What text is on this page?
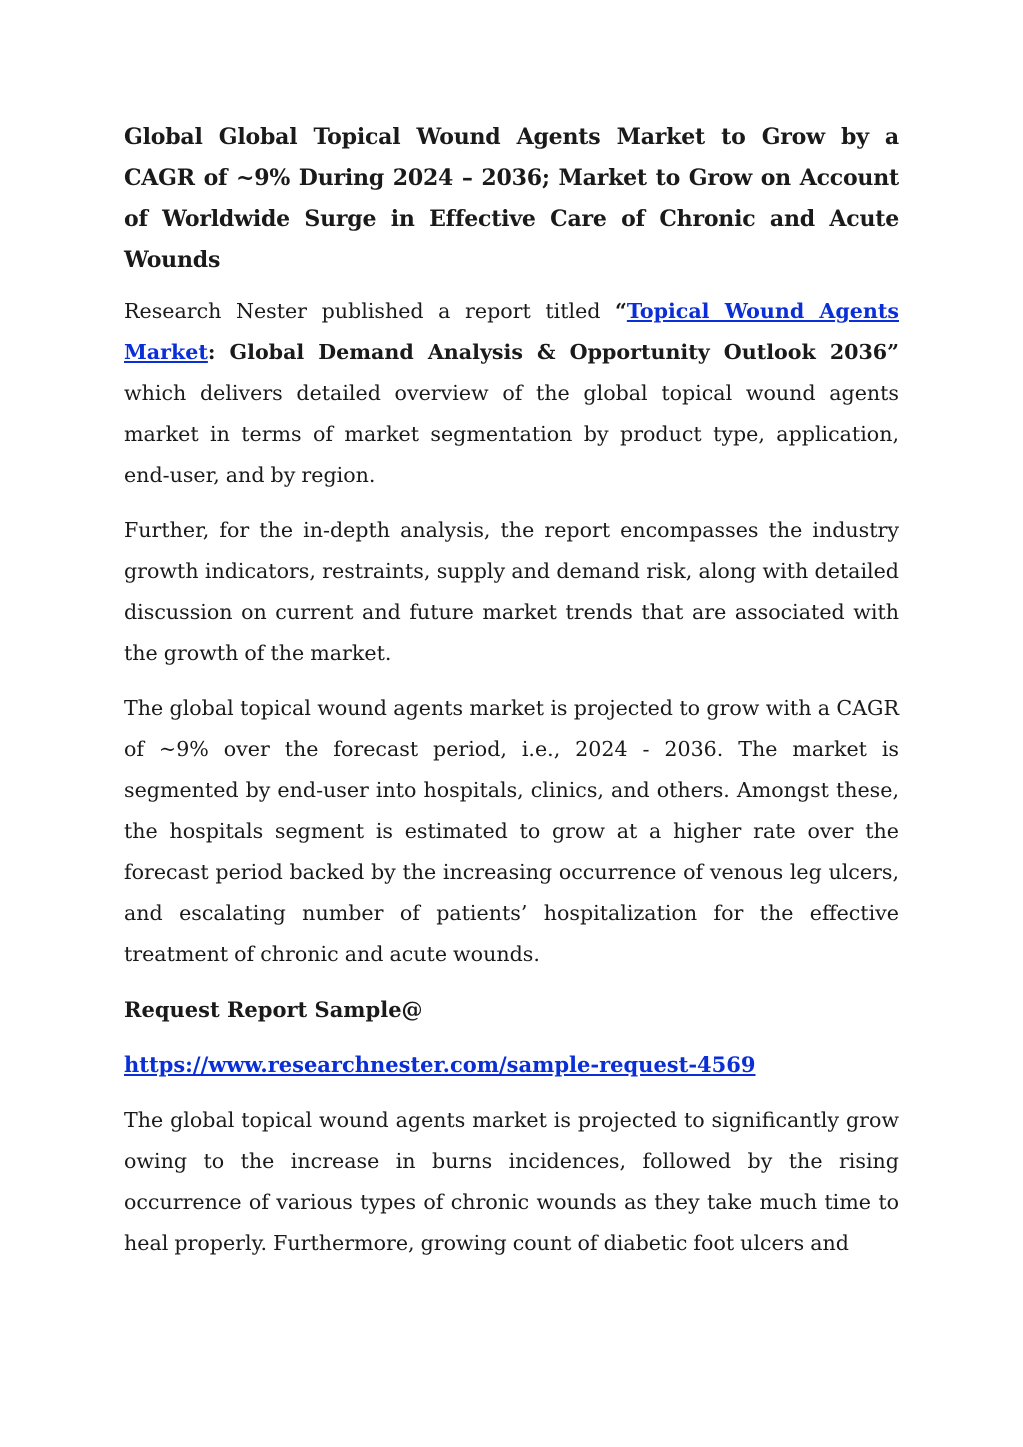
Global Global Topical Wound Agents Market to Grow by a CAGR of ~9% During 2024 – 2036; Market to Grow on Account of Worldwide Surge in Effective Care of Chronic and Acute Wounds

Research Nester published a report titled “Topical Wound Agents Market: Global Demand Analysis & Opportunity Outlook 2036” which delivers detailed overview of the global topical wound agents market in terms of market segmentation by product type, application, end-user, and by region.

Further, for the in-depth analysis, the report encompasses the industry growth indicators, restraints, supply and demand risk, along with detailed discussion on current and future market trends that are associated with the growth of the market.

The global topical wound agents market is projected to grow with a CAGR of ~9% over the forecast period, i.e., 2024 - 2036. The market is segmented by end-user into hospitals, clinics, and others. Amongst these, the hospitals segment is estimated to grow at a higher rate over the forecast period backed by the increasing occurrence of venous leg ulcers, and escalating number of patients’ hospitalization for the effective treatment of chronic and acute wounds.

Request Report Sample@

https://www.researchnester.com/sample-request-4569

The global topical wound agents market is projected to significantly grow owing to the increase in burns incidences, followed by the rising occurrence of various types of chronic wounds as they take much time to heal properly. Furthermore, growing count of diabetic foot ulcers and
